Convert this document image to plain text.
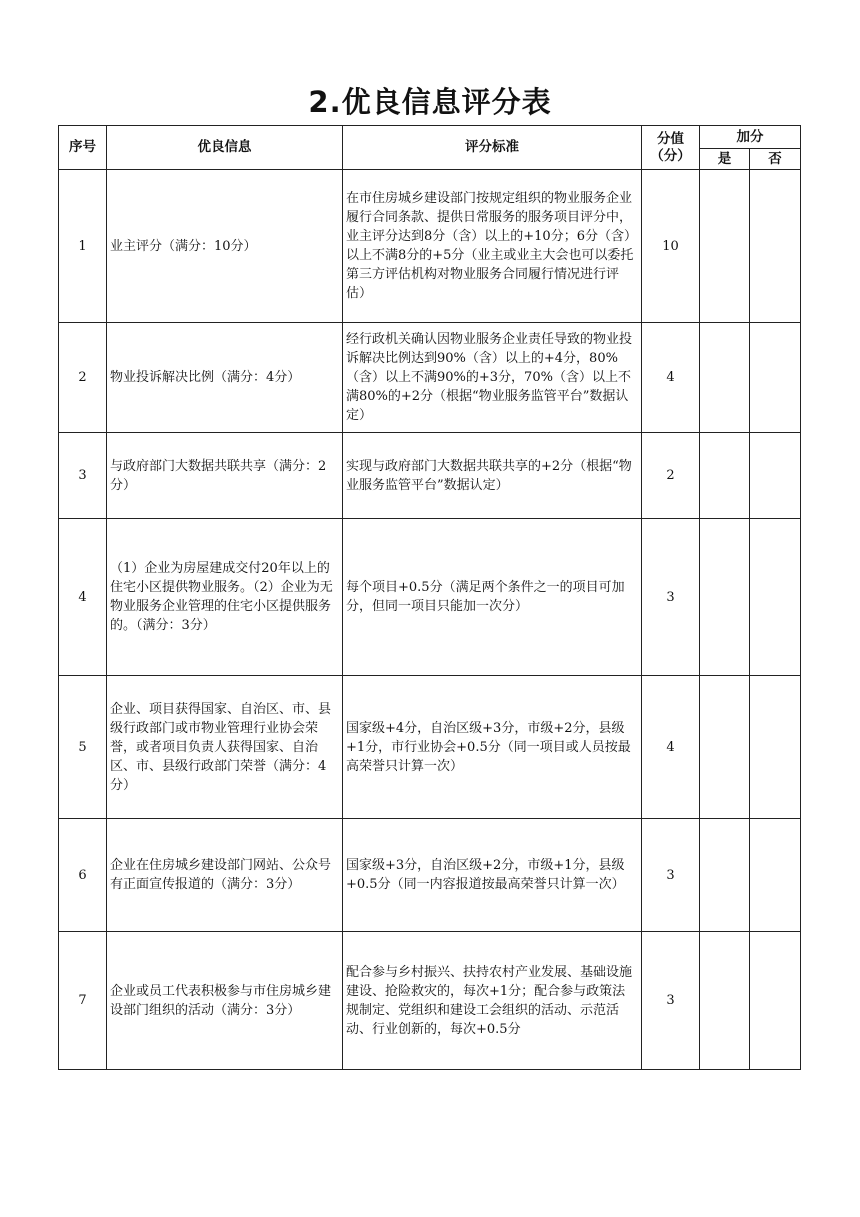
2.优良信息评分表
序号	优良信息	评分标准	分值（分）	加分	
				是	否
1	业主评分（满分：10分）	在市住房城乡建设部门按规定组织的物业服务企业履行合同条款、提供日常服务的服务项目评分中，业主评分达到8分（含）以上的+10分；6分（含）以上不满8分的+5分（业主或业主大会也可以委托第三方评估机构对物业服务合同履行情况进行评估）	10		
2	物业投诉解决比例（满分：4分）	经行政机关确认因物业服务企业责任导致的物业投诉解决比例达到90%（含）以上的+4分，80%（含）以上不满90%的+3分，70%（含）以上不满80%的+2分（根据“物业服务监管平台”数据认定）	4		
3	与政府部门大数据共联共享（满分：2分）	实现与政府部门大数据共联共享的+2分（根据“物业服务监管平台”数据认定）	2		
4	（1）企业为房屋建成交付20年以上的住宅小区提供物业服务。（2）企业为无物业服务企业管理的住宅小区提供服务的。（满分：3分）	每个项目+0.5分（满足两个条件之一的项目可加分，但同一项目只能加一次分）	3		
5	企业、项目获得国家、自治区、市、县级行政部门或市物业管理行业协会荣誉，或者项目负责人获得国家、自治区、市、县级行政部门荣誉（满分：4分）	国家级+4分，自治区级+3分，市级+2分，县级+1分，市行业协会+0.5分（同一项目或人员按最高荣誉只计算一次）	4		
6	企业在住房城乡建设部门网站、公众号有正面宣传报道的（满分：3分）	国家级+3分，自治区级+2分，市级+1分，县级+0.5分（同一内容报道按最高荣誉只计算一次）	3		
7	企业或员工代表积极参与市住房城乡建设部门组织的活动（满分：3分）	配合参与乡村振兴、扶持农村产业发展、基础设施建设、抢险救灾的，每次+1分；配合参与政策法规制定、党组织和建设工会组织的活动、示范活动、行业创新的，每次+0.5分	3		
